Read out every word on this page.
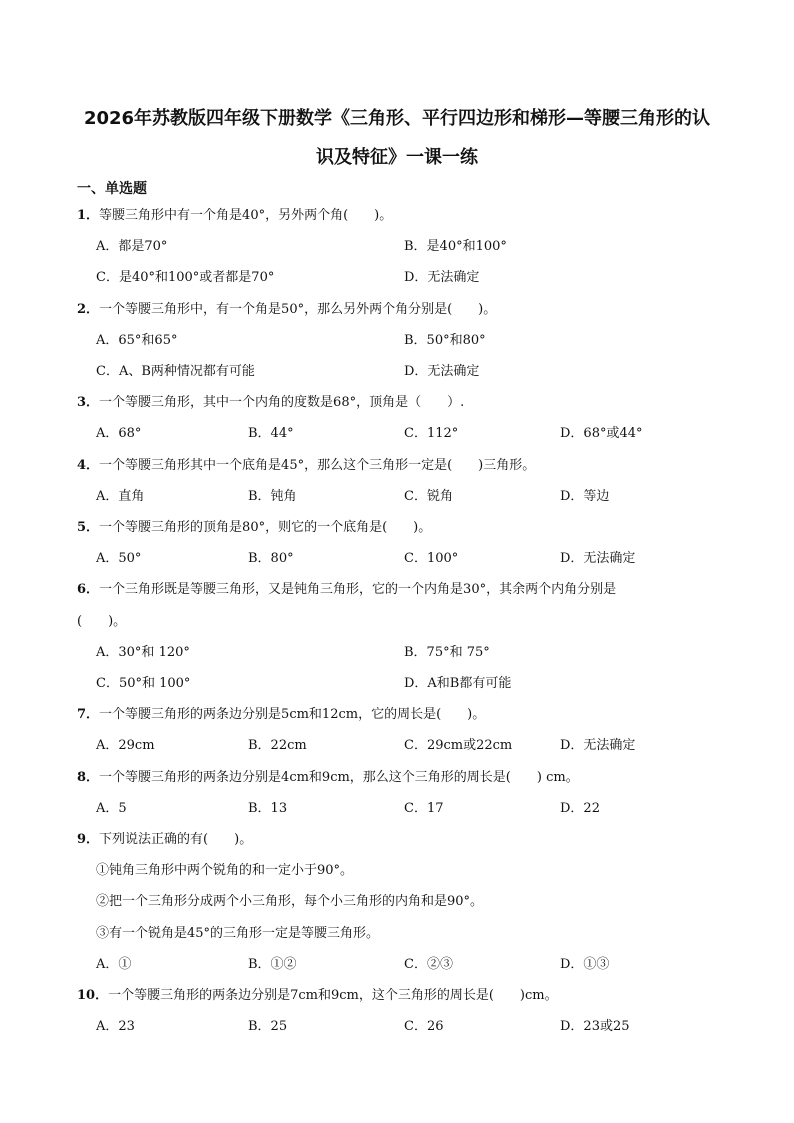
2026年苏教版四年级下册数学《三角形、平行四边形和梯形—等腰三角形的认
识及特征》一课一练
一、单选题
1．等腰三角形中有一个角是40°，另外两个角(　　)。
A．都是70°	B．是40°和100°
C．是40°和100°或者都是70°	D．无法确定
2．一个等腰三角形中，有一个角是50°，那么另外两个角分别是(　　)。
A．65°和65°	B．50°和80°
C．A、B两种情况都有可能	D．无法确定
3．一个等腰三角形，其中一个内角的度数是68°，顶角是（　　）.
A．68°	B．44°	C．112°	D．68°或44°
4．一个等腰三角形其中一个底角是45°，那么这个三角形一定是(　　)三角形。
A．直角	B．钝角	C．锐角	D．等边
5．一个等腰三角形的顶角是80°，则它的一个底角是(　　)。
A．50°	B．80°	C．100°	D．无法确定
6．一个三角形既是等腰三角形，又是钝角三角形，它的一个内角是30°，其余两个内角分别是
(　　)。
A．30°和 120°	B．75°和 75°
C．50°和 100°	D．A和B都有可能
7．一个等腰三角形的两条边分别是5cm和12cm，它的周长是(　　)。
A．29cm	B．22cm	C．29cm或22cm	D．无法确定
8．一个等腰三角形的两条边分别是4cm和9cm，那么这个三角形的周长是(　　) cm。
A．5	B．13	C．17	D．22
9．下列说法正确的有(　　)。
①钝角三角形中两个锐角的和一定小于90°。
②把一个三角形分成两个小三角形，每个小三角形的内角和是90°。
③有一个锐角是45°的三角形一定是等腰三角形。
A．①	B．①②	C．②③	D．①③
10．一个等腰三角形的两条边分别是7cm和9cm，这个三角形的周长是(　　)cm。
A．23	B．25	C．26	D．23或25
